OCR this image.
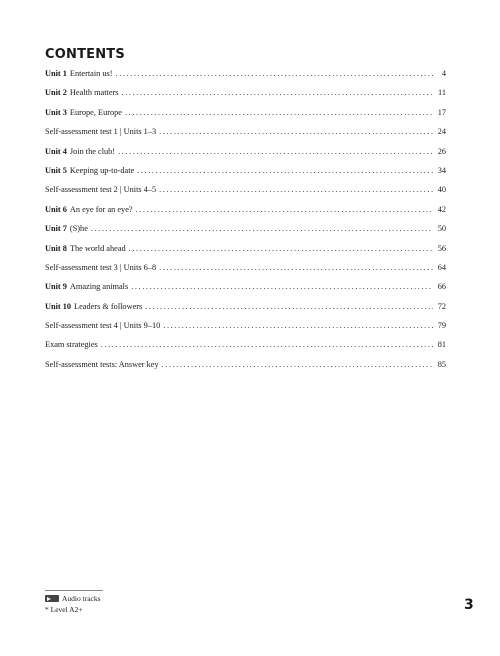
CONTENTS
Unit 1 Entertain us! .....	4
Unit 2 Health matters .....	11
Unit 3 Europe, Europe .....	17
Self-assessment test 1 | Units 1–3 .....	24
Unit 4 Join the club! .....	26
Unit 5 Keeping up-to-date .....	34
Self-assessment test 2 | Units 4–5 .....	40
Unit 6 An eye for an eye? .....	42
Unit 7 (S)he .....	50
Unit 8 The world ahead .....	56
Self-assessment test 3 | Units 6–8 .....	64
Unit 9 Amazing animals .....	66
Unit 10 Leaders & followers .....	72
Self-assessment test 4 | Units 9–10 .....	79
Exam strategies .....	81
Self-assessment tests: Answer key .....	85
Audio tracks
* Level A2+	3
